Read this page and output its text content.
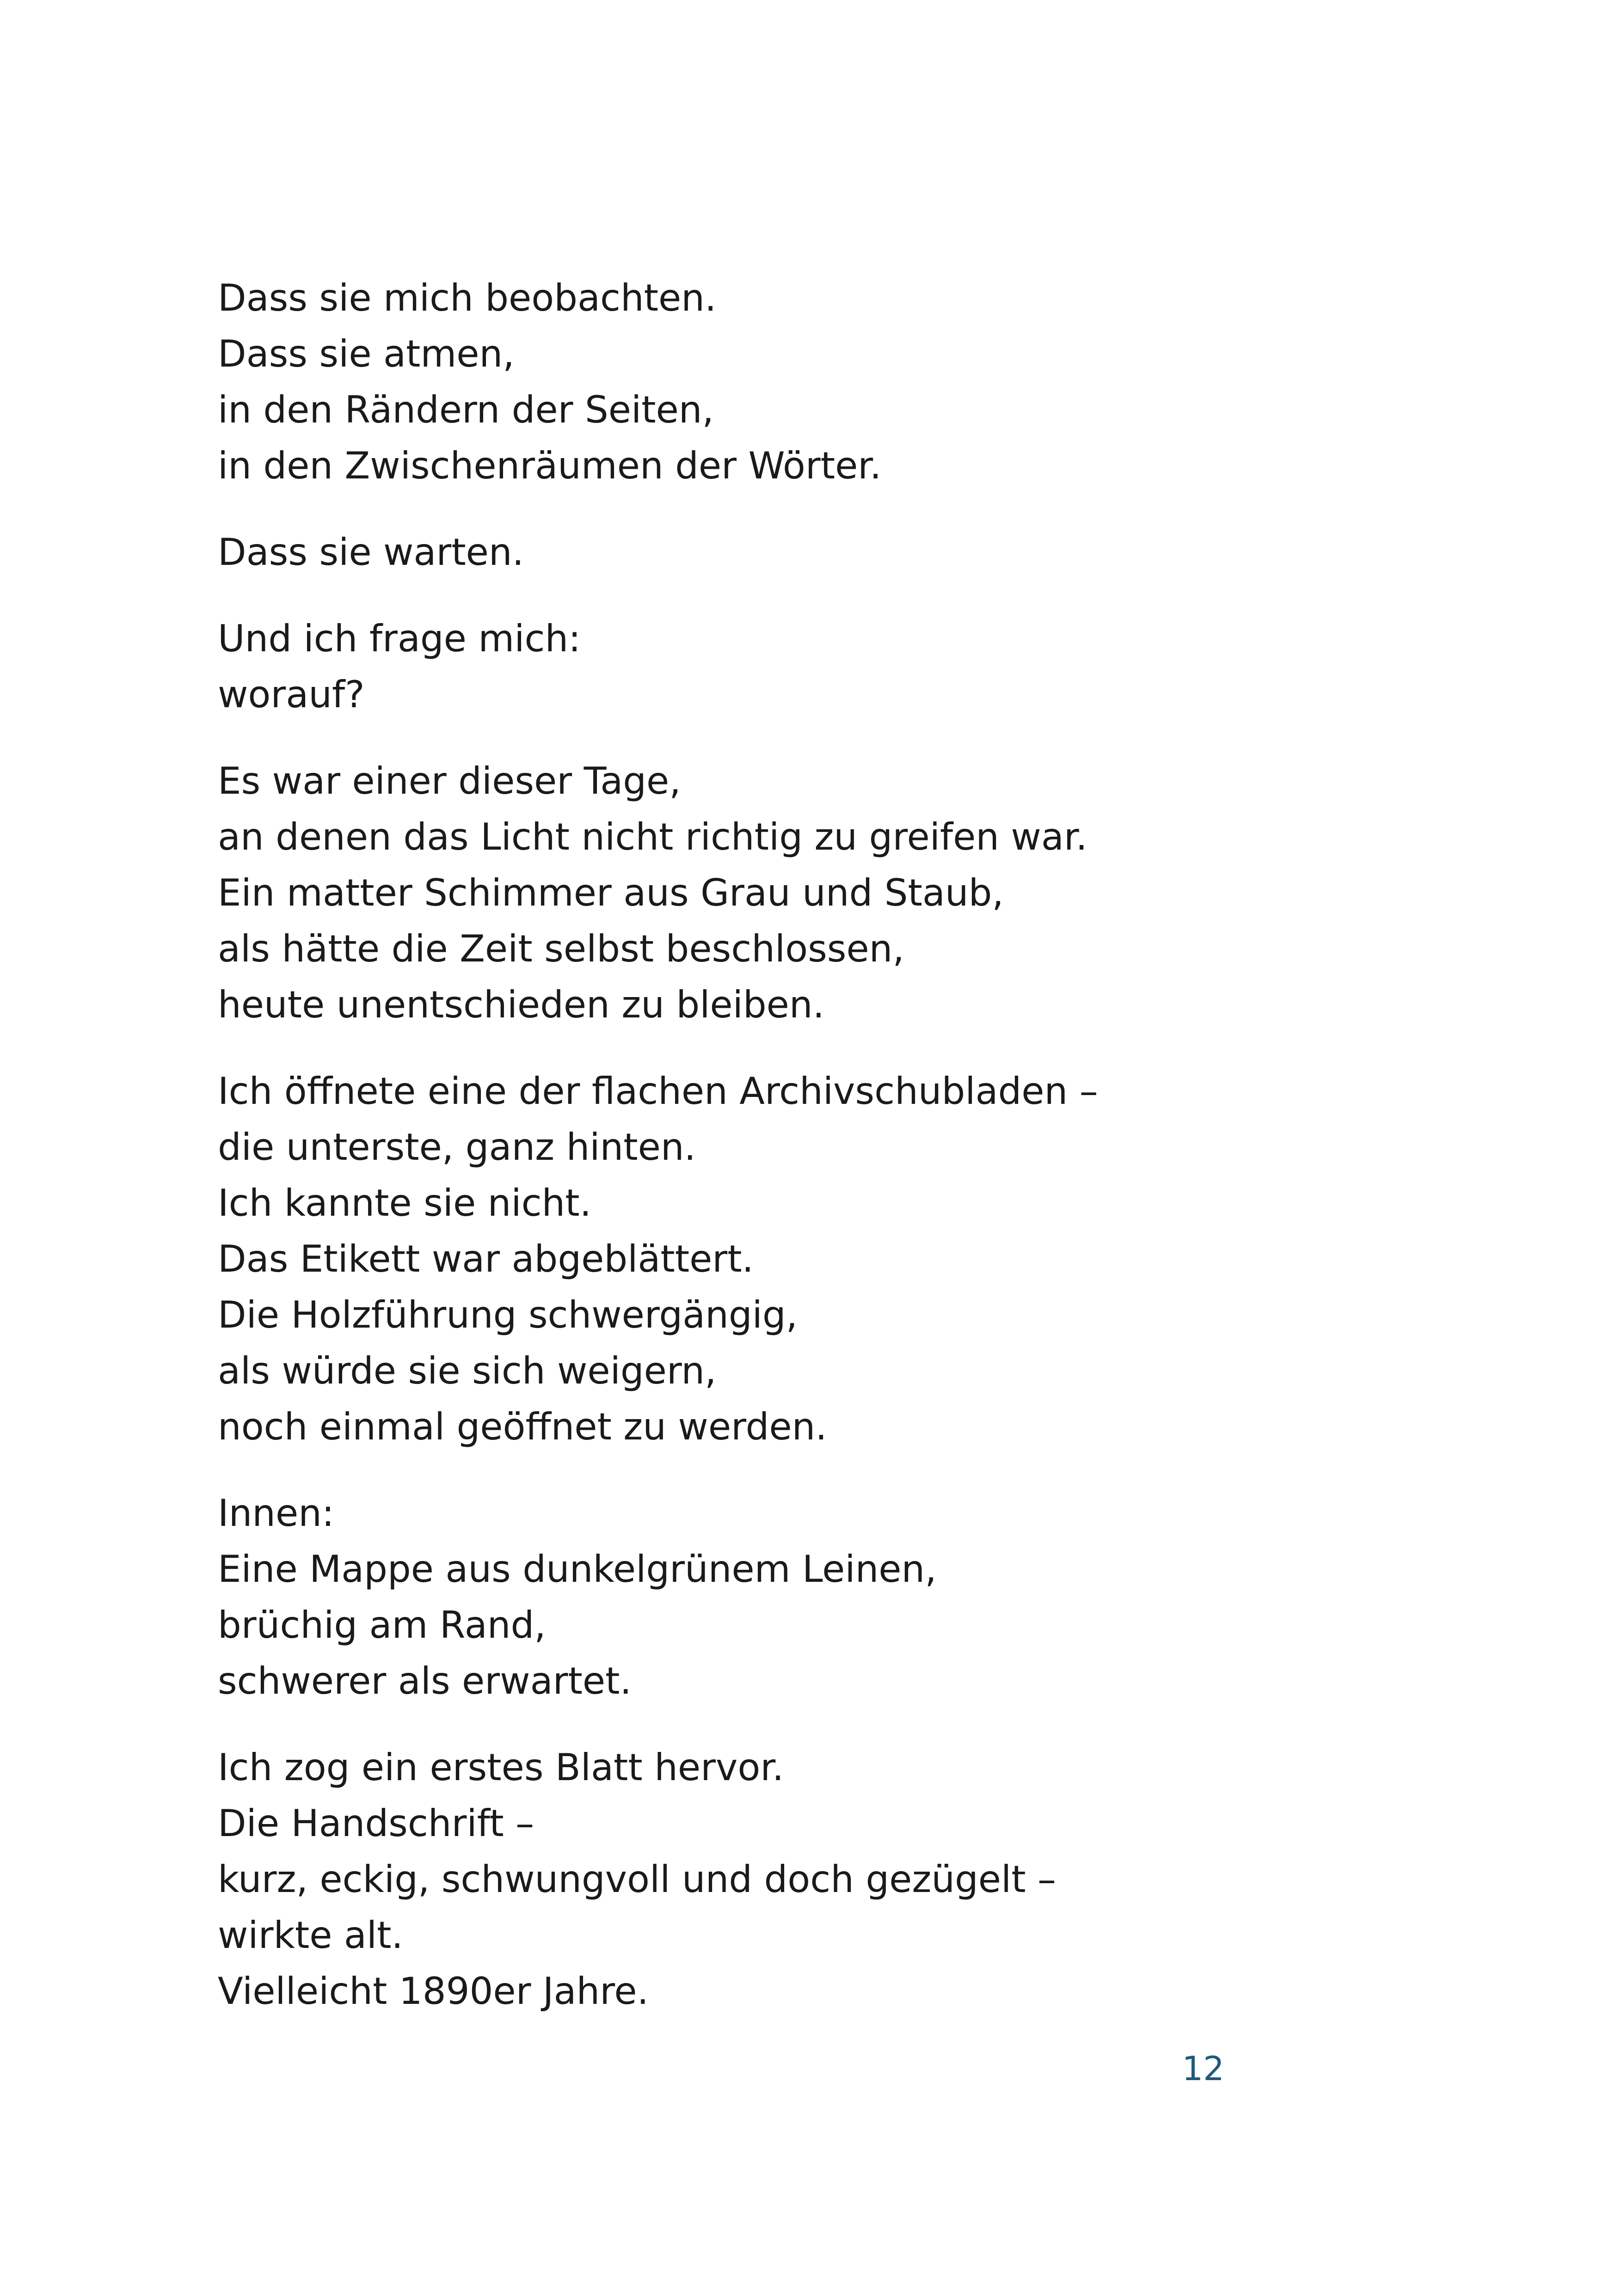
Dass sie mich beobachten.
Dass sie atmen,
in den Rändern der Seiten,
in den Zwischenräumen der Wörter.

Dass sie warten.

Und ich frage mich:
worauf?

Es war einer dieser Tage,
an denen das Licht nicht richtig zu greifen war.
Ein matter Schimmer aus Grau und Staub,
als hätte die Zeit selbst beschlossen,
heute unentschieden zu bleiben.

Ich öffnete eine der flachen Archivschubladen –
die unterste, ganz hinten.
Ich kannte sie nicht.
Das Etikett war abgeblättert.
Die Holzführung schwergängig,
als würde sie sich weigern,
noch einmal geöffnet zu werden.

Innen:
Eine Mappe aus dunkelgrünem Leinen,
brüchig am Rand,
schwerer als erwartet.

Ich zog ein erstes Blatt hervor.
Die Handschrift –
kurz, eckig, schwungvoll und doch gezügelt –
wirkte alt.
Vielleicht 1890er Jahre.

12
